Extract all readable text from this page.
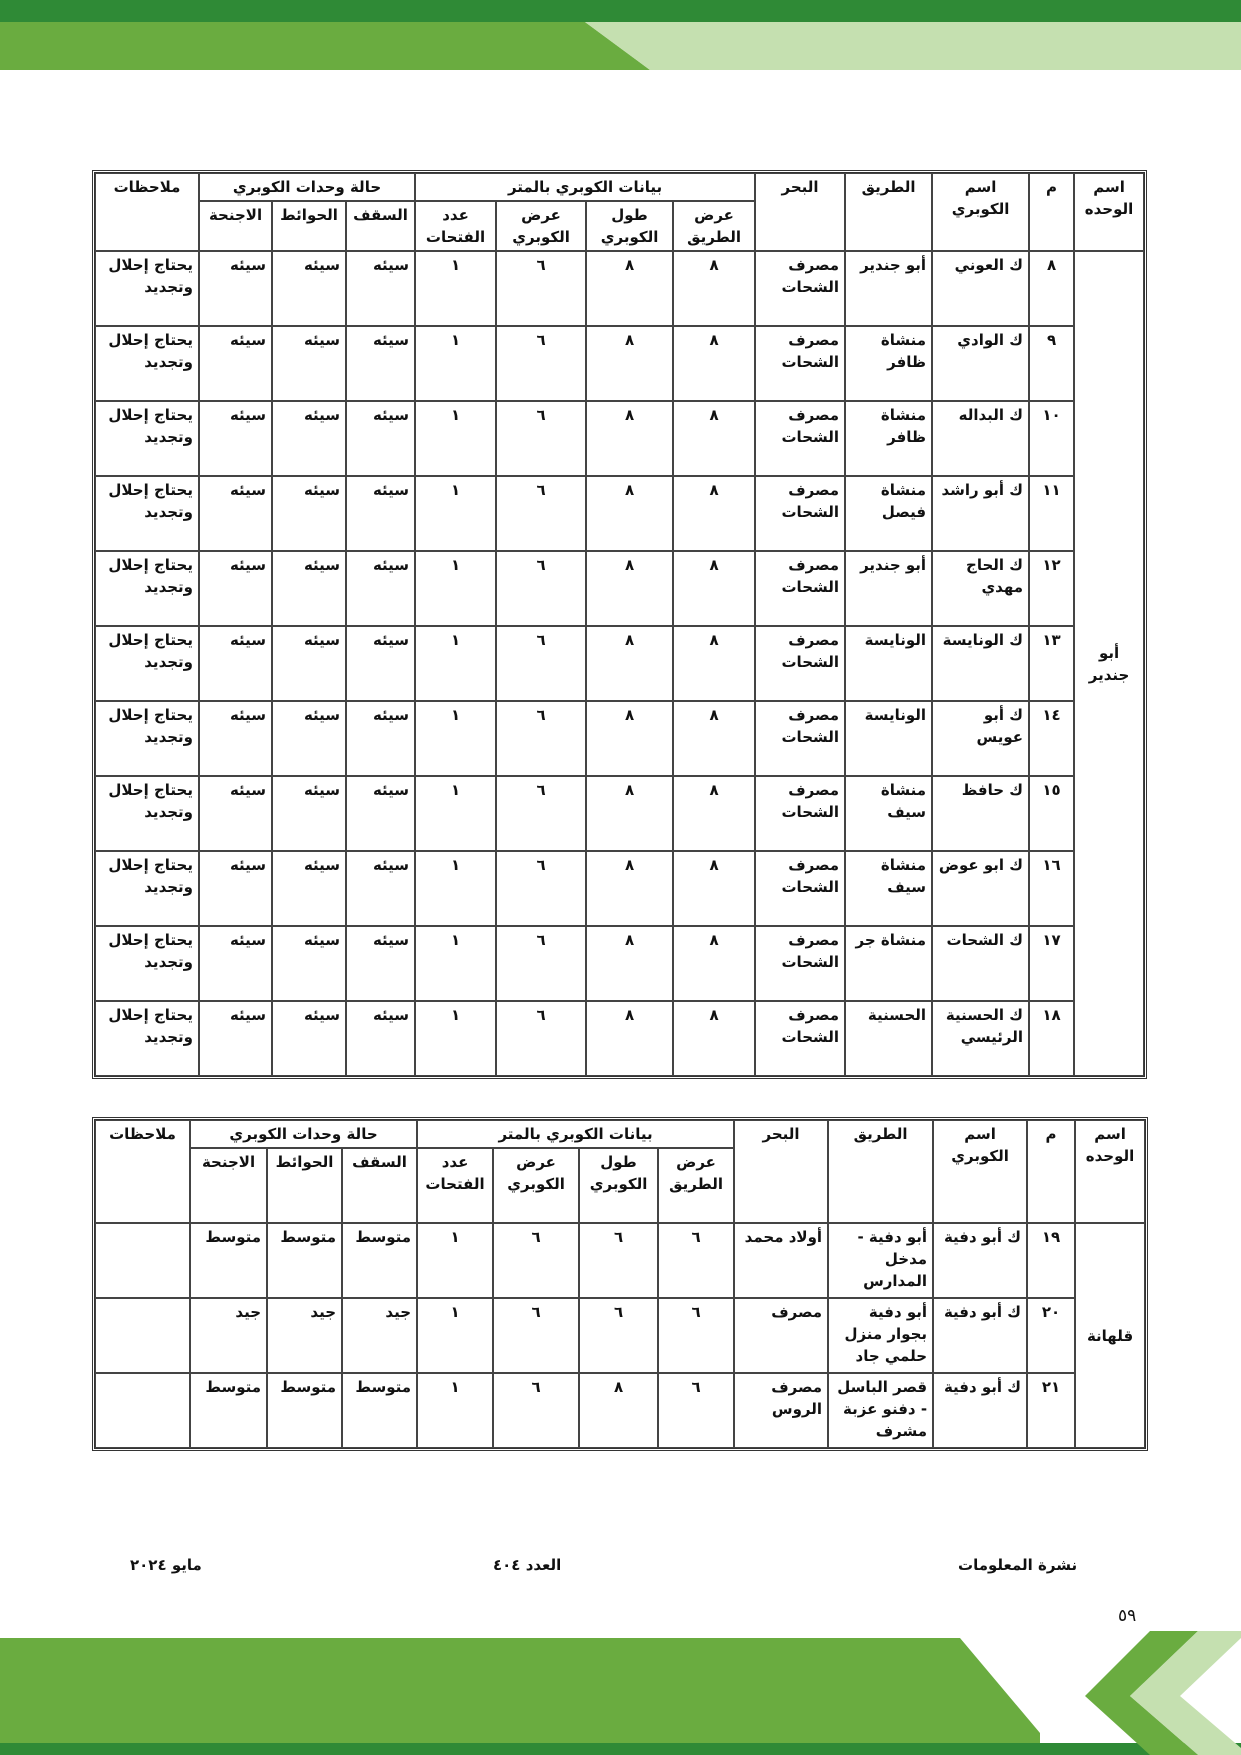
اسم الوحده	م	اسم الكوبري	الطريق	البحر	بيانات الكوبري بالمتر				حالة وحدات الكوبري			ملاحظات
					عرض الطريق	طول الكوبري	عرض الكوبري	عدد الفتحات	السقف	الحوائط	الاجنحة	
أبو جندير	٨	ك العوني	أبو جندير	مصرف الشحات	٨	٨	٦	١	سيئه	سيئه	سيئه	يحتاج إحلال وتجديد
	٩	ك الوادي	منشاة ظافر	مصرف الشحات	٨	٨	٦	١	سيئه	سيئه	سيئه	يحتاج إحلال وتجديد
	١٠	ك البداله	منشاة ظافر	مصرف الشحات	٨	٨	٦	١	سيئه	سيئه	سيئه	يحتاج إحلال وتجديد
	١١	ك أبو راشد	منشاة فيصل	مصرف الشحات	٨	٨	٦	١	سيئه	سيئه	سيئه	يحتاج إحلال وتجديد
	١٢	ك الحاج مهدي	أبو جندير	مصرف الشحات	٨	٨	٦	١	سيئه	سيئه	سيئه	يحتاج إحلال وتجديد
	١٣	ك الونايسة	الونايسة	مصرف الشحات	٨	٨	٦	١	سيئه	سيئه	سيئه	يحتاج إحلال وتجديد
	١٤	ك أبو عويس	الونايسة	مصرف الشحات	٨	٨	٦	١	سيئه	سيئه	سيئه	يحتاج إحلال وتجديد
	١٥	ك حافظ	منشاة سيف	مصرف الشحات	٨	٨	٦	١	سيئه	سيئه	سيئه	يحتاج إحلال وتجديد
	١٦	ك ابو عوض	منشاة سيف	مصرف الشحات	٨	٨	٦	١	سيئه	سيئه	سيئه	يحتاج إحلال وتجديد
	١٧	ك الشحات	منشاة جر	مصرف الشحات	٨	٨	٦	١	سيئه	سيئه	سيئه	يحتاج إحلال وتجديد
	١٨	ك الحسنية الرئيسي	الحسنية	مصرف الشحات	٨	٨	٦	١	سيئه	سيئه	سيئه	يحتاج إحلال وتجديد
اسم الوحده	م	اسم الكوبري	الطريق	البحر	بيانات الكوبري بالمتر				حالة وحدات الكوبري			ملاحظات
					عرض الطريق	طول الكوبري	عرض الكوبري	عدد الفتحات	السقف	الحوائط	الاجنحة	
قلهانة	١٩	ك أبو دفية	أبو دفية - مدخل المدارس	أولاد محمد	٦	٦	٦	١	متوسط	متوسط	متوسط	
	٢٠	ك أبو دفية	أبو دفية بجوار منزل حلمي جاد	مصرف	٦	٦	٦	١	جيد	جيد	جيد	
	٢١	ك أبو دفية	قصر الباسل - دفنو عزبة مشرف	مصرف الروس	٦	٨	٦	١	متوسط	متوسط	متوسط	
نشرة المعلومات
العدد ٤٠٤
مايو ٢٠٢٤
٥٩
